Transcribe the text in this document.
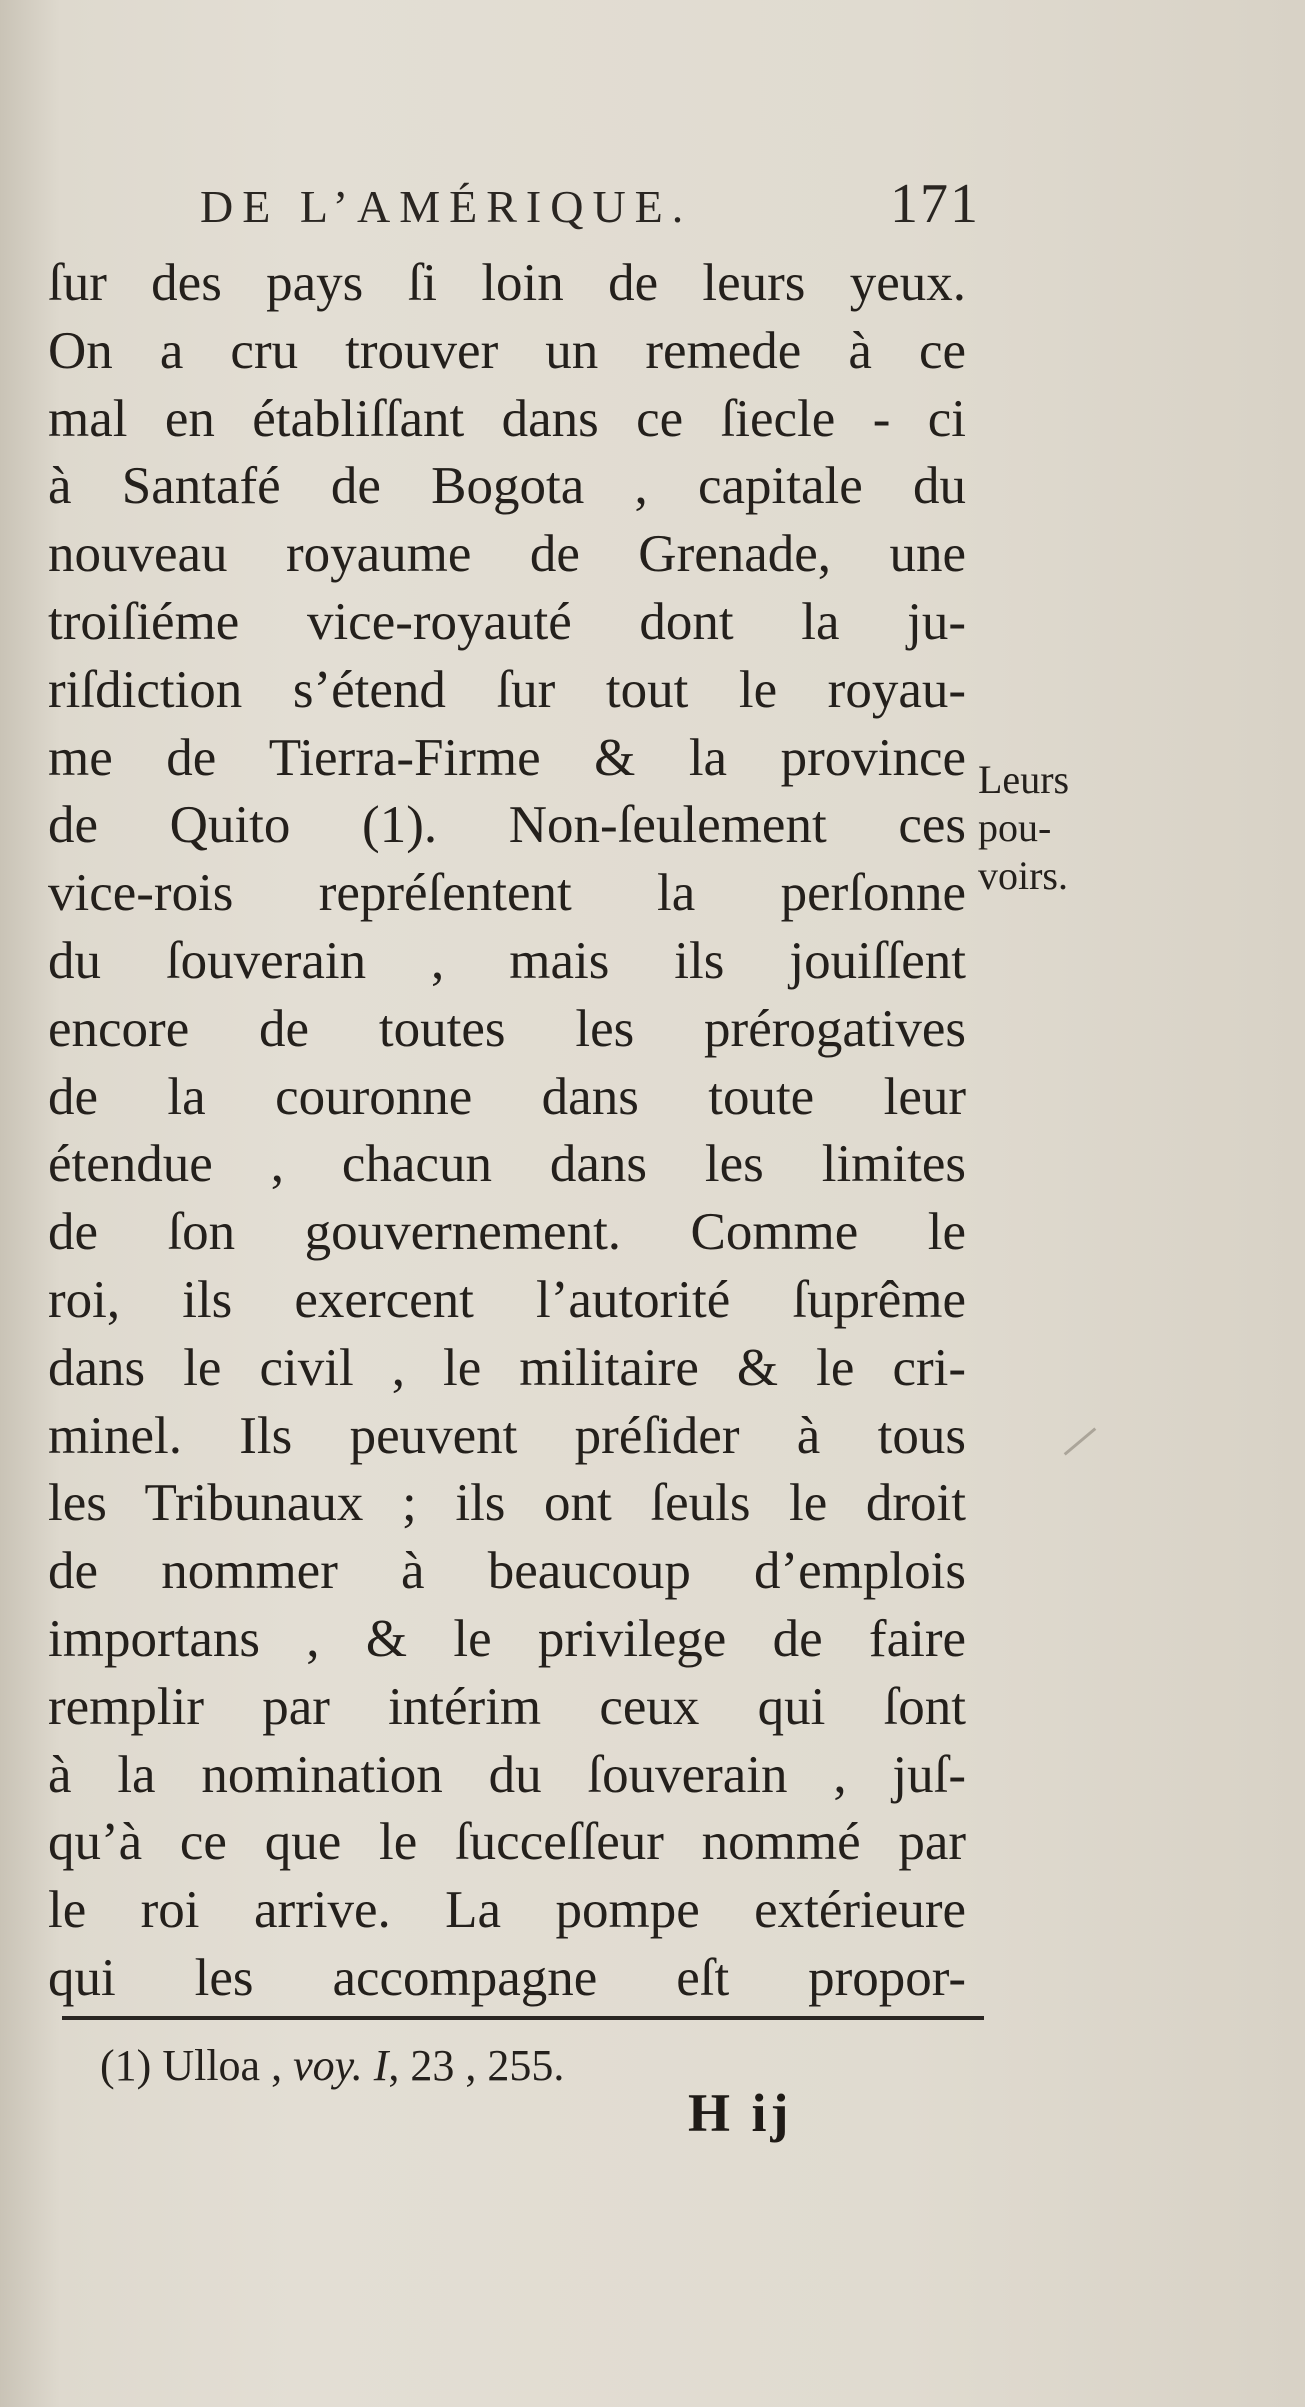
DE L’AMÉRIQUE.	171
ſur des pays ſi loin de leurs yeux.
On a cru trouver un remede à ce
mal en établiſſant dans ce ſiecle - ci
à Santafé de Bogota , capitale du
nouveau royaume de Grenade, une
troiſiéme vice-royauté dont la ju-
riſdiction s’étend ſur tout le royau-
me de Tierra-Firme & la province
de Quito (1). Non-ſeulement ces
vice-rois repréſentent la perſonne
du ſouverain , mais ils jouiſſent
encore de toutes les prérogatives
de la couronne dans toute leur
étendue , chacun dans les limites
de ſon gouvernement. Comme le
roi, ils exercent l’autorité ſuprême
dans le civil , le militaire & le cri-
minel. Ils peuvent préſider à tous
les Tribunaux ; ils ont ſeuls le droit
de nommer à beaucoup d’emplois
importans , & le privilege de faire
remplir par intérim ceux qui ſont
à la nomination du ſouverain , juſ-
qu’à ce que le ſucceſſeur nommé par
le roi arrive. La pompe extérieure
qui les accompagne eſt propor-
Leurs
pou-
voirs.
(1) Ulloa , voy. I, 23 , 255.
H ij
